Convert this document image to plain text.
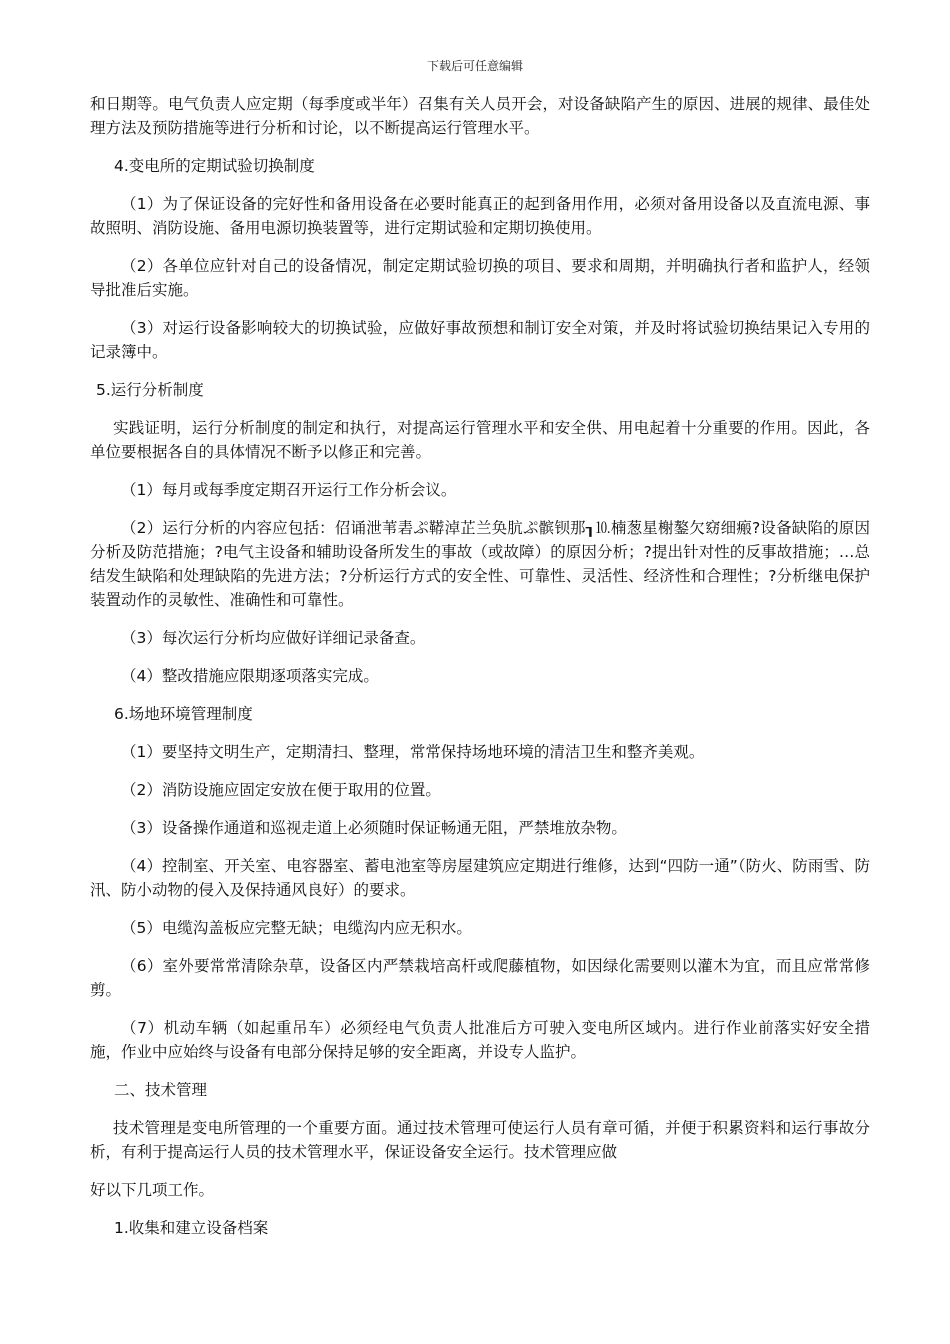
下载后可任意编辑

和日期等。电气负责人应定期（每季度或半年）召集有关人员开会，对设备缺陷产生的原因、进展的规律、最佳处理方法及预防措施等进行分析和讨论，以不断提高运行管理水平。

4.变电所的定期试验切换制度

（1）为了保证设备的完好性和备用设备在必要时能真正的起到备用作用，必须对备用设备以及直流电源、事故照明、消防设施、备用电源切换装置等，进行定期试验和定期切换使用。

（2）各单位应针对自己的设备情况，制定定期试验切换的项目、要求和周期，并明确执行者和监护人，经领导批准后实施。

（3）对运行设备影响较大的切换试验，应做好事故预想和制订安全对策，并及时将试验切换结果记入专用的记录簿中。

5.运行分析制度

实践证明，运行分析制度的制定和执行，对提高运行管理水平和安全供、用电起着十分重要的作用。因此，各单位要根据各自的具体情况不断予以修正和完善。

（1）每月或每季度定期召开运行工作分析会议。

（2）运行分析的内容应包括：佋诵泄苇砉ぷ鞯淖芷兰奂肮ぷ髌钡那┒⒑楠葱星榭鏊欠窈细瘢?设备缺陷的原因分析及防范措施；?电气主设备和辅助设备所发生的事故（或故障）的原因分析；?提出针对性的反事故措施；…总结发生缺陷和处理缺陷的先进方法；?分析运行方式的安全性、可靠性、灵活性、经济性和合理性；?分析继电保护装置动作的灵敏性、准确性和可靠性。

（3）每次运行分析均应做好详细记录备查。

（4）整改措施应限期逐项落实完成。

6.场地环境管理制度

（1）要坚持文明生产，定期清扫、整理，常常保持场地环境的清洁卫生和整齐美观。

（2）消防设施应固定安放在便于取用的位置。

（3）设备操作通道和巡视走道上必须随时保证畅通无阻，严禁堆放杂物。

（4）控制室、开关室、电容器室、蓄电池室等房屋建筑应定期进行维修，达到“四防一通”（防火、防雨雪、防汛、防小动物的侵入及保持通风良好）的要求。

（5）电缆沟盖板应完整无缺；电缆沟内应无积水。

（6）室外要常常清除杂草，设备区内严禁栽培高杆或爬藤植物，如因绿化需要则以灌木为宜，而且应常常修剪。

（7）机动车辆（如起重吊车）必须经电气负责人批准后方可驶入变电所区域内。进行作业前落实好安全措施，作业中应始终与设备有电部分保持足够的安全距离，并设专人监护。

二、技术管理

技术管理是变电所管理的一个重要方面。通过技术管理可使运行人员有章可循，并便于积累资料和运行事故分析，有利于提高运行人员的技术管理水平，保证设备安全运行。技术管理应做

好以下几项工作。

1.收集和建立设备档案
